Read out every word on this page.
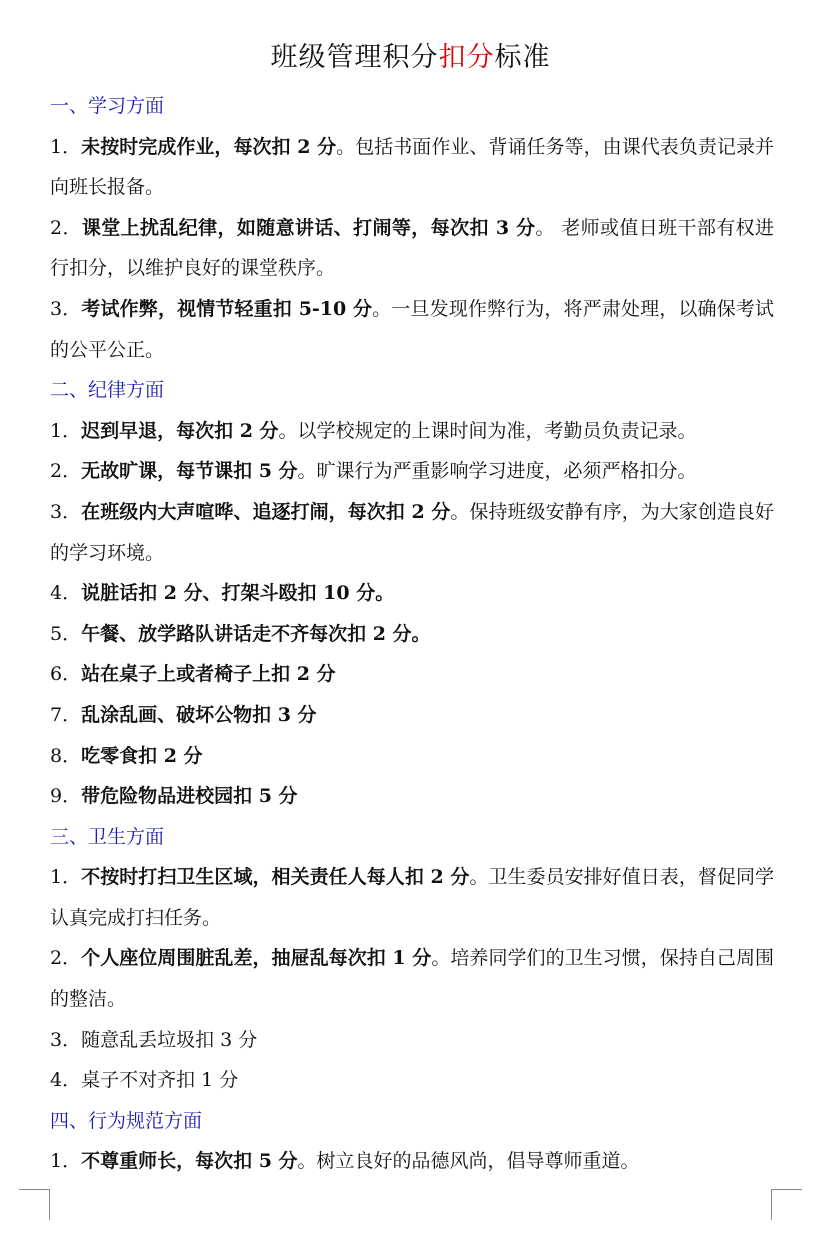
班级管理积分扣分标准
一、学习方面
1．未按时完成作业，每次扣 2 分。包括书面作业、背诵任务等，由课代表负责记录并向班长报备。
2．课堂上扰乱纪律，如随意讲话、打闹等，每次扣 3 分。 老师或值日班干部有权进行扣分，以维护良好的课堂秩序。
3．考试作弊，视情节轻重扣 5-10 分。一旦发现作弊行为，将严肃处理，以确保考试的公平公正。
二、纪律方面
1．迟到早退，每次扣 2 分。以学校规定的上课时间为准，考勤员负责记录。
2．无故旷课，每节课扣 5 分。旷课行为严重影响学习进度，必须严格扣分。
3．在班级内大声喧哗、追逐打闹，每次扣 2 分。保持班级安静有序，为大家创造良好的学习环境。
4．说脏话扣 2 分、打架斗殴扣 10 分。
5．午餐、放学路队讲话走不齐每次扣 2 分。
6．站在桌子上或者椅子上扣 2 分
7．乱涂乱画、破坏公物扣 3 分
8．吃零食扣 2 分
9．带危险物品进校园扣 5 分
三、卫生方面
1．不按时打扫卫生区域，相关责任人每人扣 2 分。卫生委员安排好值日表，督促同学认真完成打扫任务。
2．个人座位周围脏乱差，抽屉乱每次扣 1 分。培养同学们的卫生习惯，保持自己周围的整洁。
3．随意乱丢垃圾扣 3 分
4．桌子不对齐扣 1 分
四、行为规范方面
1．不尊重师长，每次扣 5 分。树立良好的品德风尚，倡导尊师重道。
